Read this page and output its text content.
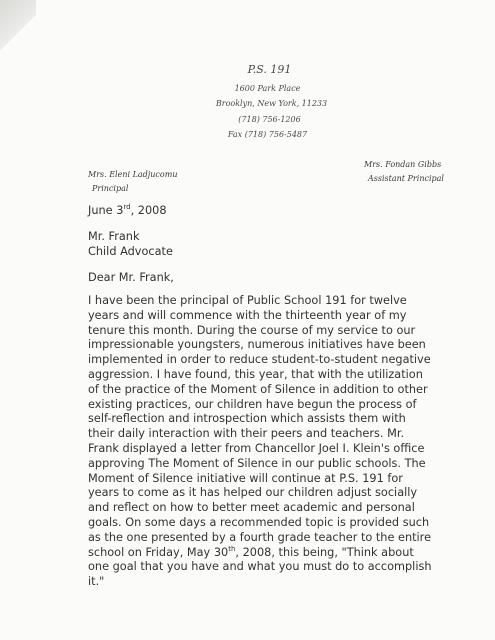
P.S. 191
1600 Park Place
Brooklyn, New York, 11233
(718) 756-1206
Fax (718) 756-5487
Mrs. Eleni Ladjucomu
Principal
Mrs. Fondan Gibbs
Assistant Principal
June 3rd, 2008
Mr. Frank
Child Advocate
Dear Mr. Frank,
I have been the principal of Public School 191 for twelve
years and will commence with the thirteenth year of my
tenure this month. During the course of my service to our
impressionable youngsters, numerous initiatives have been
implemented in order to reduce student-to-student negative
aggression. I have found, this year, that with the utilization
of the practice of the Moment of Silence in addition to other
existing practices, our children have begun the process of
self-reflection and introspection which assists them with
their daily interaction with their peers and teachers. Mr.
Frank displayed a letter from Chancellor Joel I. Klein's office
approving The Moment of Silence in our public schools. The
Moment of Silence initiative will continue at P.S. 191 for
years to come as it has helped our children adjust socially
and reflect on how to better meet academic and personal
goals. On some days a recommended topic is provided such
as the one presented by a fourth grade teacher to the entire
school on Friday, May 30th, 2008, this being, "Think about
one goal that you have and what you must do to accomplish
it."
